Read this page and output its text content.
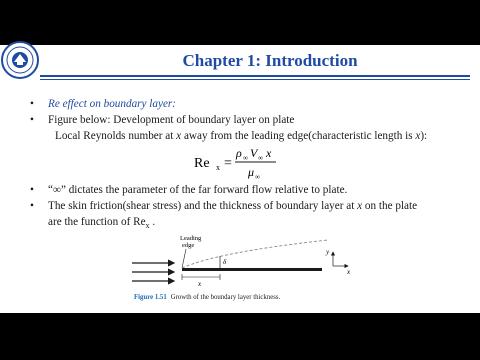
Chapter 1: Introduction
• Re effect on boundary layer:
• Figure below: Development of boundary layer on plate
Local Reynolds number at x away from the leading edge(characteristic length is x):
Re x =
ρ ∞ V ∞ x
μ ∞
• “∞” dictates the parameter of the far forward flow relative to plate.
• The skin friction(shear stress) and the thickness of boundary layer at x on the plate
are the function of $Re_x$ .
Leading
edge
δ
x
y
x
Figure 1.51 Growth of the boundary layer thickness.
